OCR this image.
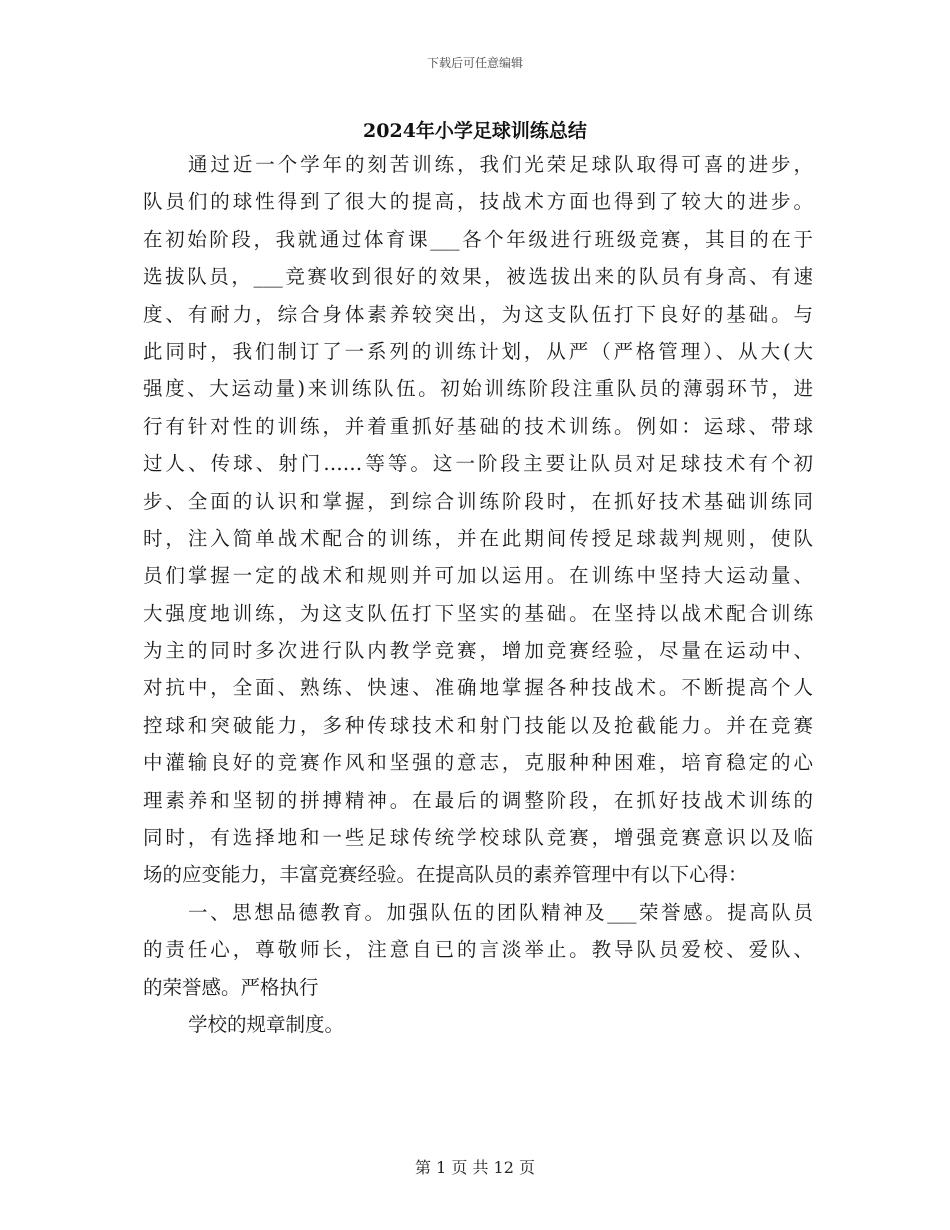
下载后可任意编辑
2024年小学足球训练总结
通过近一个学年的刻苦训练，我们光荣足球队取得可喜的进步，
队员们的球性得到了很大的提高，技战术方面也得到了较大的进步。
在初始阶段，我就通过体育课___各个年级进行班级竞赛，其目的在于
选拔队员，___竞赛收到很好的效果，被选拔出来的队员有身高、有速
度、有耐力，综合身体素养较突出，为这支队伍打下良好的基础。与
此同时，我们制订了一系列的训练计划，从严（严格管理）、从大(大
强度、大运动量)来训练队伍。初始训练阶段注重队员的薄弱环节，进
行有针对性的训练，并着重抓好基础的技术训练。例如：运球、带球
过人、传球、射门……等等。这一阶段主要让队员对足球技术有个初
步、全面的认识和掌握，到综合训练阶段时，在抓好技术基础训练同
时，注入简单战术配合的训练，并在此期间传授足球裁判规则，使队
员们掌握一定的战术和规则并可加以运用。在训练中坚持大运动量、
大强度地训练，为这支队伍打下坚实的基础。在坚持以战术配合训练
为主的同时多次进行队内教学竞赛，增加竞赛经验，尽量在运动中、
对抗中，全面、熟练、快速、准确地掌握各种技战术。不断提高个人
控球和突破能力，多种传球技术和射门技能以及抢截能力。并在竞赛
中灌输良好的竞赛作风和坚强的意志，克服种种困难，培育稳定的心
理素养和坚韧的拼搏精神。在最后的调整阶段，在抓好技战术训练的
同时，有选择地和一些足球传统学校球队竞赛，增强竞赛意识以及临
场的应变能力，丰富竞赛经验。在提高队员的素养管理中有以下心得：
一、思想品德教育。加强队伍的团队精神及___荣誉感。提高队员
的责任心，尊敬师长，注意自已的言淡举止。教导队员爱校、爱队、
的荣誉感。严格执行
学校的规章制度。
第 1 页 共 12 页
